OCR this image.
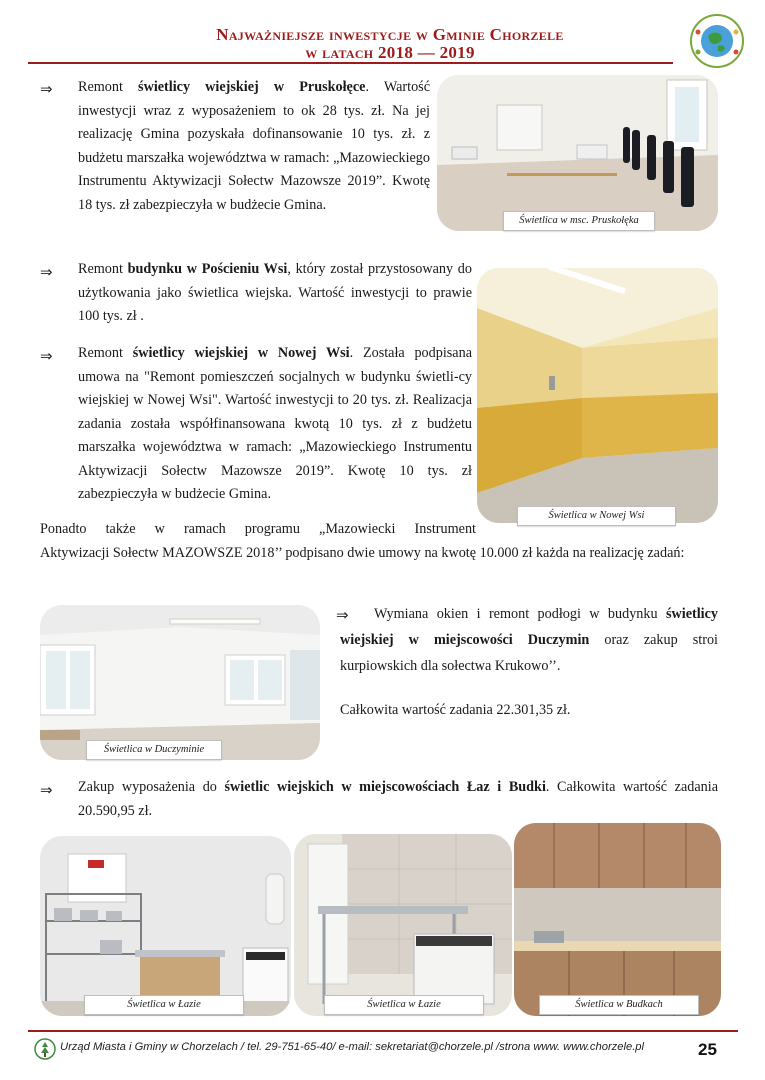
Najważniejsze inwestycje w Gminie Chorzele
w latach 2018 — 2019
⇒ Remont świetlicy wiejskiej w Pruskołęce. Wartość inwestycji wraz z wyposażeniem to ok 28 tys. zł. Na jej realizację Gmina pozyskała dofinansowanie 10 tys. zł. z budżetu marszałka województwa w ramach: „Mazowieckiego Instrumentu Aktywizacji Sołectw Mazowsze 2019”. Kwotę 18 tys. zł zabezpieczyła w budżecie Gmina.

Świetlica w msc. Pruskołęka
⇒ Remont budynku w Pościeniu Wsi, który został przystosowany do użytkowania jako świetlica wiejska. Wartość inwestycji to prawie 100 tys. zł .

⇒ Remont świetlicy wiejskiej w Nowej Wsi. Została podpisana umowa na "Remont pomieszczeń socjalnych w budynku świetli-cy wiejskiej w Nowej Wsi". Wartość inwestycji to 20 tys. zł. Realizacja zadania została współfinansowana kwotą 10 tys. zł z budżetu marszałka województwa w ramach: „Mazowieckiego Instrumentu Aktywizacji Sołectw Mazowsze 2019”. Kwotę 10 tys. zł zabezpieczyła w budżecie Gmina.

Świetlica w Nowej Wsi

Ponadto także w ramach programu „Mazowiecki Instrument
Aktywizacji Sołectw MAZOWSZE 2018’’ podpisano dwie umowy na kwotę 10.000 zł każda na realizację zadań:

Świetlica w Duczyminie
⇒	Wymiana okien i remont podłogi w budynku świetlicy wiejskiej w miejscowości Duczymin oraz zakup stroi kurpiowskich dla sołectwa Krukowo’’.

Całkowita wartość zadania 22.301,35 zł.

⇒ Zakup wyposażenia do świetlic wiejskich w miejscowościach Łaz i Budki. Całkowita wartość zadania 20.590,95 zł.

Świetlica w Łazie	Świetlica w Łazie	Świetlica w Budkach
Urząd Miasta i Gminy w Chorzelach / tel. 29-751-65-40/ e-mail: sekretariat@chorzele.pl /strona www. www.chorzele.pl	25
